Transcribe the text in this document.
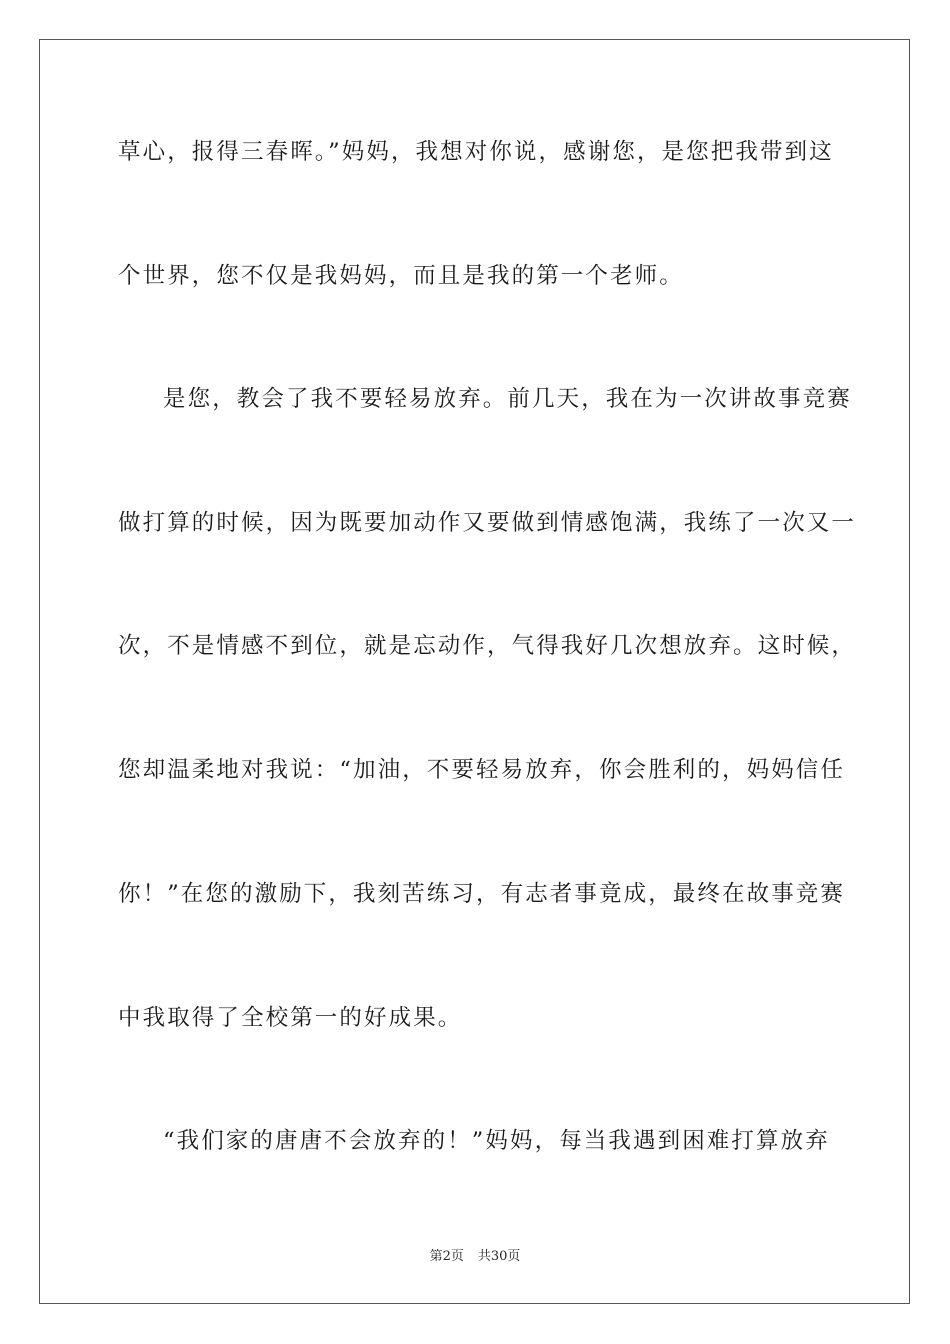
草心，报得三春晖。”妈妈，我想对你说，感谢您，是您把我带到这
个世界，您不仅是我妈妈，而且是我的第一个老师。
是您，教会了我不要轻易放弃。前几天，我在为一次讲故事竞赛
做打算的时候，因为既要加动作又要做到情感饱满，我练了一次又一
次，不是情感不到位，就是忘动作，气得我好几次想放弃。这时候，
您却温柔地对我说：“加油，不要轻易放弃，你会胜利的，妈妈信任
你！”在您的激励下，我刻苦练习，有志者事竟成，最终在故事竞赛
中我取得了全校第一的好成果。
“我们家的唐唐不会放弃的！”妈妈，每当我遇到困难打算放弃
第2页 共30页
